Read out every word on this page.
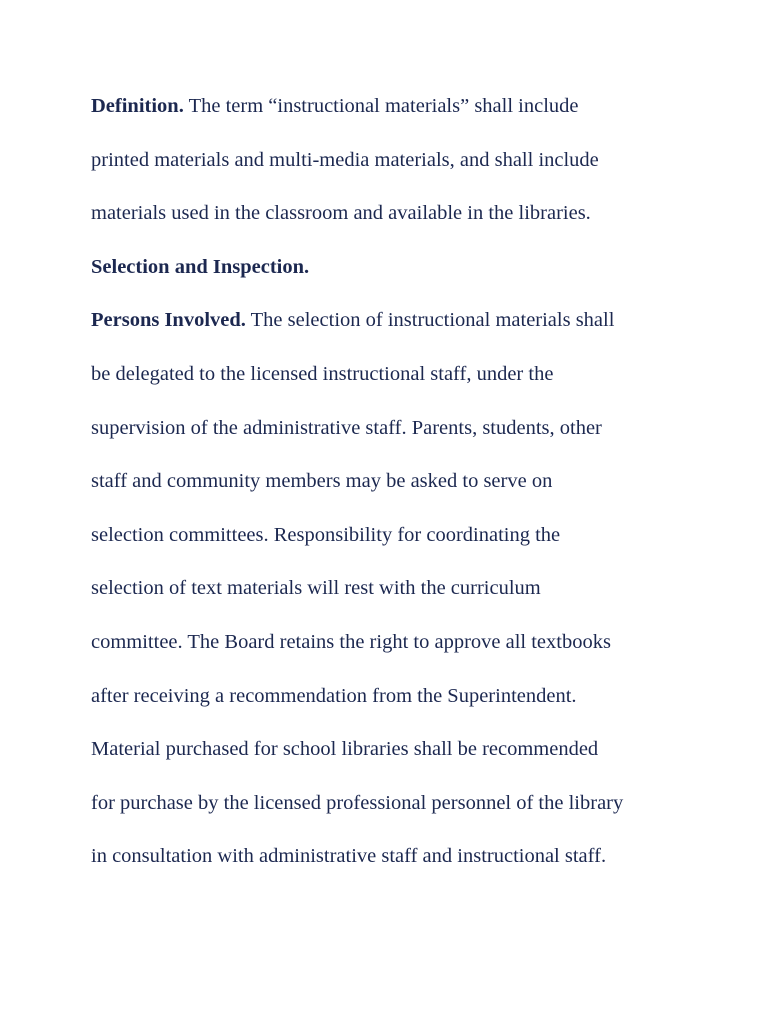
Definition. The term “instructional materials” shall include
printed materials and multi-media materials, and shall include
materials used in the classroom and available in the libraries.
Selection and Inspection.
Persons Involved. The selection of instructional materials shall
be delegated to the licensed instructional staff, under the
supervision of the administrative staff. Parents, students, other
staff and community members may be asked to serve on
selection committees. Responsibility for coordinating the
selection of text materials will rest with the curriculum
committee. The Board retains the right to approve all textbooks
after receiving a recommendation from the Superintendent.
Material purchased for school libraries shall be recommended
for purchase by the licensed professional personnel of the library
in consultation with administrative staff and instructional staff.
